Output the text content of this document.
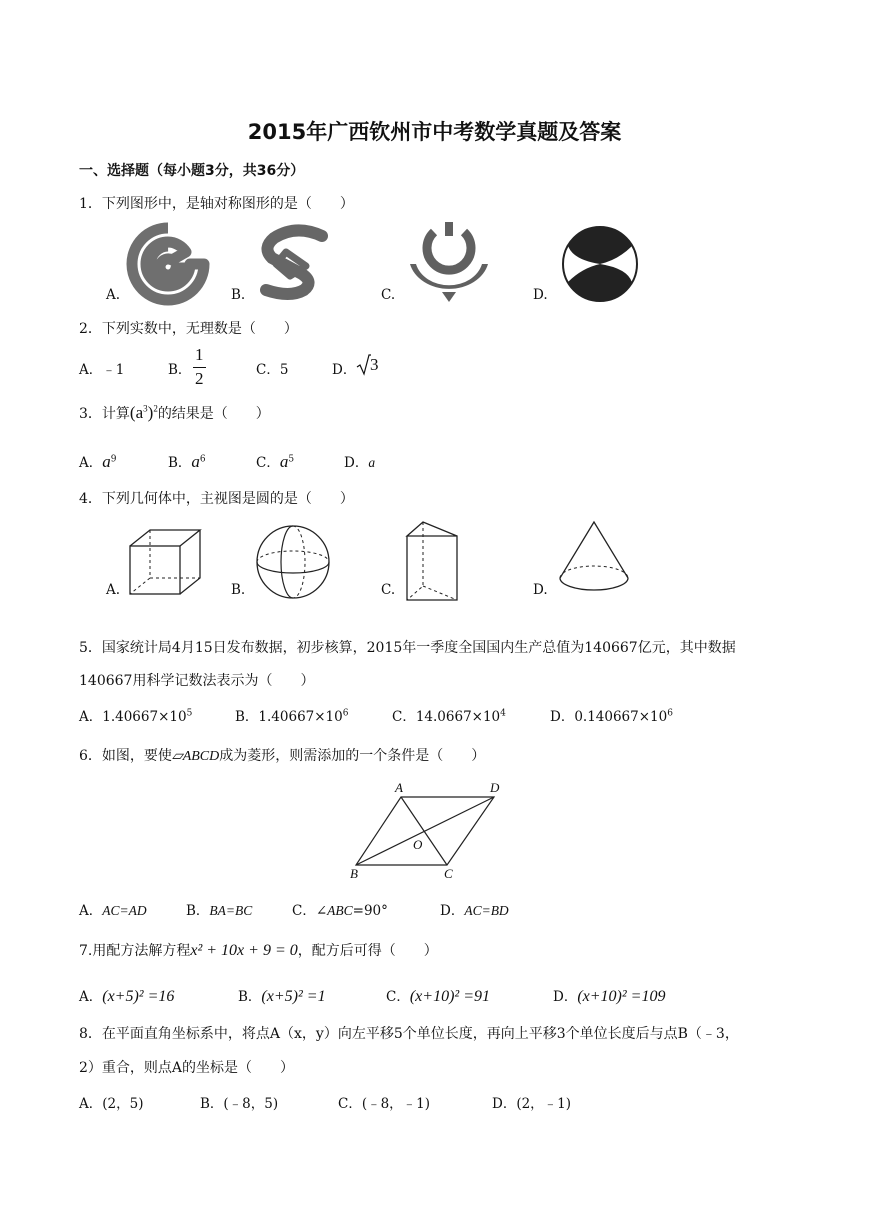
2015年广西钦州市中考数学真题及答案
一、选择题（每小题3分，共36分）
1．下列图形中，是轴对称图形的是（　　）
A.	B.	C.	D.
2．下列实数中，无理数是（　　）
A．﹣1	B．
1
2	C．5	D． 3
3．计算$(a^3)^2$的结果是（　　）
A．$a^9$	B．$a^6$	C．$a^5$	D．a
4．下列几何体中，主视图是圆的是（　　）
A.	B.	C.	D.
5．国家统计局4月15日发布数据，初步核算，2015年一季度全国国内生产总值为140667亿元，其中数据
140667用科学记数法表示为（　　）
A．$1.40667\times 10^5$	B．$1.40667\times 10^6$	C．$14.0667\times 10^4$	D．$0.140667\times 10^6$
6．如图，要使▱ABCD成为菱形，则需添加的一个条件是（　　）
A	D
O
B	C
A．AC=AD	B．BA=BC	C．∠ABC=90°	D．AC=BD
7.用配方法解方程x² + 10x + 9 = 0，配方后可得（　　）
A．(x+5)² =16	B．(x+5)² =1	C．(x+10)² =91	D．(x+10)² =109
8．在平面直角坐标系中，将点A（x，y）向左平移5个单位长度，再向上平移3个单位长度后与点B（﹣3，
2）重合，则点A的坐标是（　　）
A．(2，5)	B．(﹣8，5)	C．(﹣8，﹣1)	D．(2，﹣1)
